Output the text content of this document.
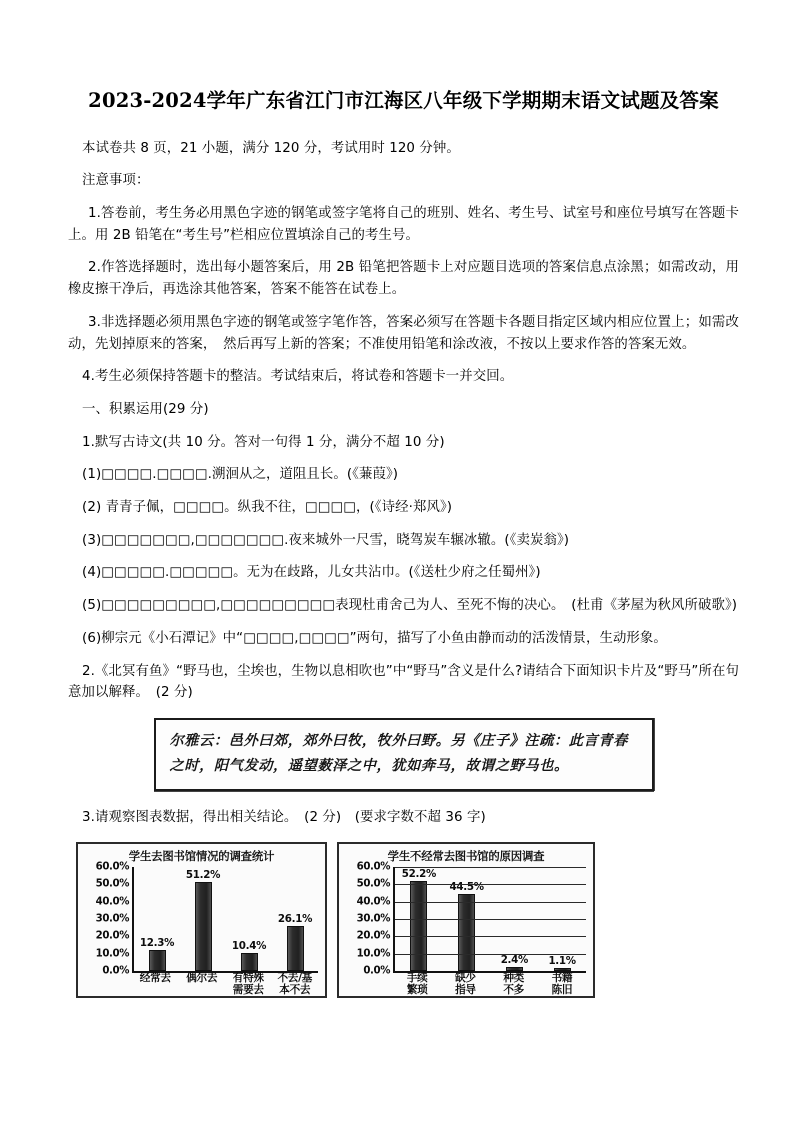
2023-2024学年广东省江门市江海区八年级下学期期末语文试题及答案

本试卷共 8 页，21 小题，满分 120 分，考试用时 120 分钟。

注意事项：

1.答卷前，考生务必用黑色字迹的钢笔或签字笔将自己的班别、姓名、考生号、试室号和座位号填写在答题卡上。用 2B 铅笔在“考生号”栏相应位置填涂自己的考生号。

2.作答选择题时，选出每小题答案后，用 2B 铅笔把答题卡上对应题目选项的答案信息点涂黑；如需改动，用橡皮擦干净后，再选涂其他答案，答案不能答在试卷上。

3.非选择题必须用黑色字迹的钢笔或签字笔作答，答案必须写在答题卡各题目指定区域内相应位置上；如需改动，先划掉原来的答案，　然后再写上新的答案；不准使用铅笔和涂改液，不按以上要求作答的答案无效。

4.考生必须保持答题卡的整洁。考试结束后，将试卷和答题卡一并交回。

一、积累运用(29 分)

1.默写古诗文(共 10 分。答对一句得 1 分，满分不超 10 分)

(1)□□□□.□□□□.溯洄从之，道阻且长。(《蒹葭》)

(2) 青青子佩，□□□□。纵我不往，□□□□，(《诗经·郑风》)

(3)□□□□□□□,□□□□□□□.夜来城外一尺雪，晓驾炭车辗冰辙。(《卖炭翁》)

(4)□□□□□.□□□□□。无为在歧路，儿女共沾巾。(《送杜少府之任蜀州》)

(5)□□□□□□□□□,□□□□□□□□□表现杜甫舍己为人、至死不悔的决心。　(杜甫《茅屋为秋风所破歌》)

(6)柳宗元《小石潭记》中“□□□□,□□□□”两句，描写了小鱼由静而动的活泼情景，生动形象。

2.《北冥有鱼》“野马也，尘埃也，生物以息相吹也”中“野马”含义是什么?请结合下面知识卡片及“野马”所在句意加以解释。　(2 分)

尔雅云：邑外曰郊，郊外曰牧，牧外曰野。另《庄子》注疏：此言青春

之时，阳气发动，遥望薮泽之中，犹如奔马，故谓之野马也。

3.请观察图表数据，得出相关结论。　(2 分)　(要求字数不超 36 字)

学生去图书馆情况的调查统计
60.0%
50.0%
40.0%
30.0%
20.0%
10.0%
0.0%
12.3%
51.2%
10.4%
26.1%
经常去	偶尔去	有特殊
需要去
不去/基
本不去
学生不经常去图书馆的原因调查
60.0%
50.0%
40.0%
30.0%
20.0%
10.0%
0.0%
52.2%
44.5%
2.4% 1.1%
手续
繁琐
缺少
指导
种类
不多
书籍
陈旧
